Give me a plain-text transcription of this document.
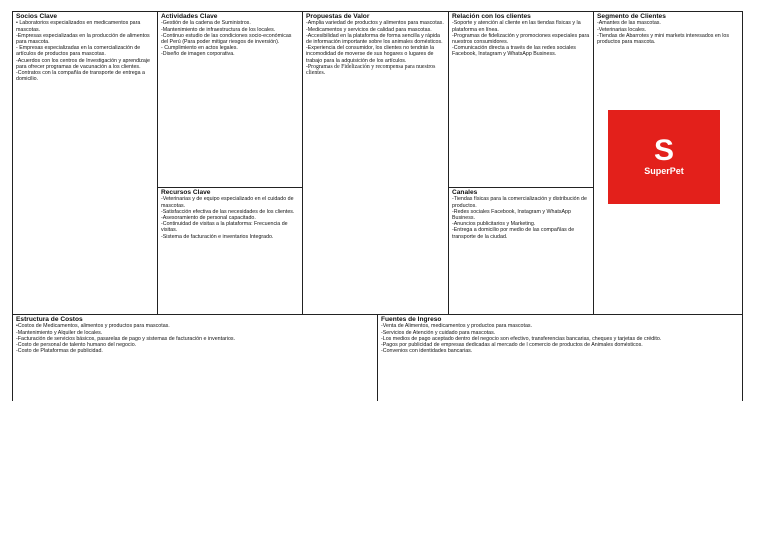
Socios Clave

• Laboratorios especializados en medicamentos para mascotas.
-Empresas especializadas en la producción de alimentos para mascota.
- Empresas especializadas en la comercialización de artículos de productos para mascotas.
-Acuerdos con los centros de Investigación y aprendizaje para ofrecer programas de vacunación a los clientes.
-Contratos con la compañía de transporte de entrega a domicilio.

Actividades Clave

-Gestión de la cadena de Suministros.
-Mantenimiento de infraestructura de los locales.
-Continuo estudio de las condiciones socio-económicas del Perú (Para poder mitigar riesgos de inversión).
- Cumplimiento en actos legales.
-Diseño de imagen corporativa.

Recursos Clave

-Veterinarias y de equipo especializado en el cuidado de mascotas.
-Satisfacción efectiva de las necesidades de los clientes.
-Asesoramiento de personal capacitado.
-Continuidad de visitas a la plataforma: Frecuencia de visitas.
-Sistema de facturación e inventarios Integrado.

Propuestas de Valor

-Amplia variedad de productos y alimentos para mascotas.
-Medicamentos y servicios de calidad para mascotas.
-Accesibilidad en la plataforma de forma sencilla y rápida de información importante sobre los animales domésticos.
-Experiencia del consumidor, los clientes no tendrán la incomodidad de moverse de sus hogares o lugares de trabajo para la adquisición de los artículos.
-Programas de Fidelización y recompensa para nuestros clientes.

Relación con los clientes

-Soporte y atención al cliente en las tiendas físicas y la plataforma en línea.
-Programas de fidelización y promociones especiales para nuestros consumidores.
-Comunicación directa a través de las redes sociales Facebook, Instagram y WhatsApp Business.

Canales

-Tiendas físicas para la comercialización y distribución de productos.
-Redes sociales Facebook, Instagram y WhatsApp Business.
-Anuncios publicitarios y Marketing.
-Entrega a domicilio por medio de las compañías de transporte de la ciudad.

Segmento de Clientes

-Amantes de las mascotas.
-Veterinarias locales.
-Tiendas de Abarrotes y mini markets interesados en los productos para mascota.
S
SuperPet

Estructura de Costos

•Costos de Medicamentos, alimentos y productos para mascotas.
-Mantenimiento y Alquiler de locales.
-Facturación de servicios básicos, pasarelas de pago y sistemas de facturación e inventarios.
-Costo de personal de talento humano del negocio.
-Costo de Plataformas de publicidad.

Fuentes de Ingreso

-Venta de Alimentos, medicamentos y productos para mascotas.
-Servicios de Atención y cuidado para mascotas.
-Los medios de pago aceptado dentro del negocio son efectivo, transferencias bancarias, cheques y tarjetas de crédito.
-Pagos por publicidad de empresas dedicadas al mercado de l comercio de productos de Animales domésticos.
-Convenios con identidades bancarias.
